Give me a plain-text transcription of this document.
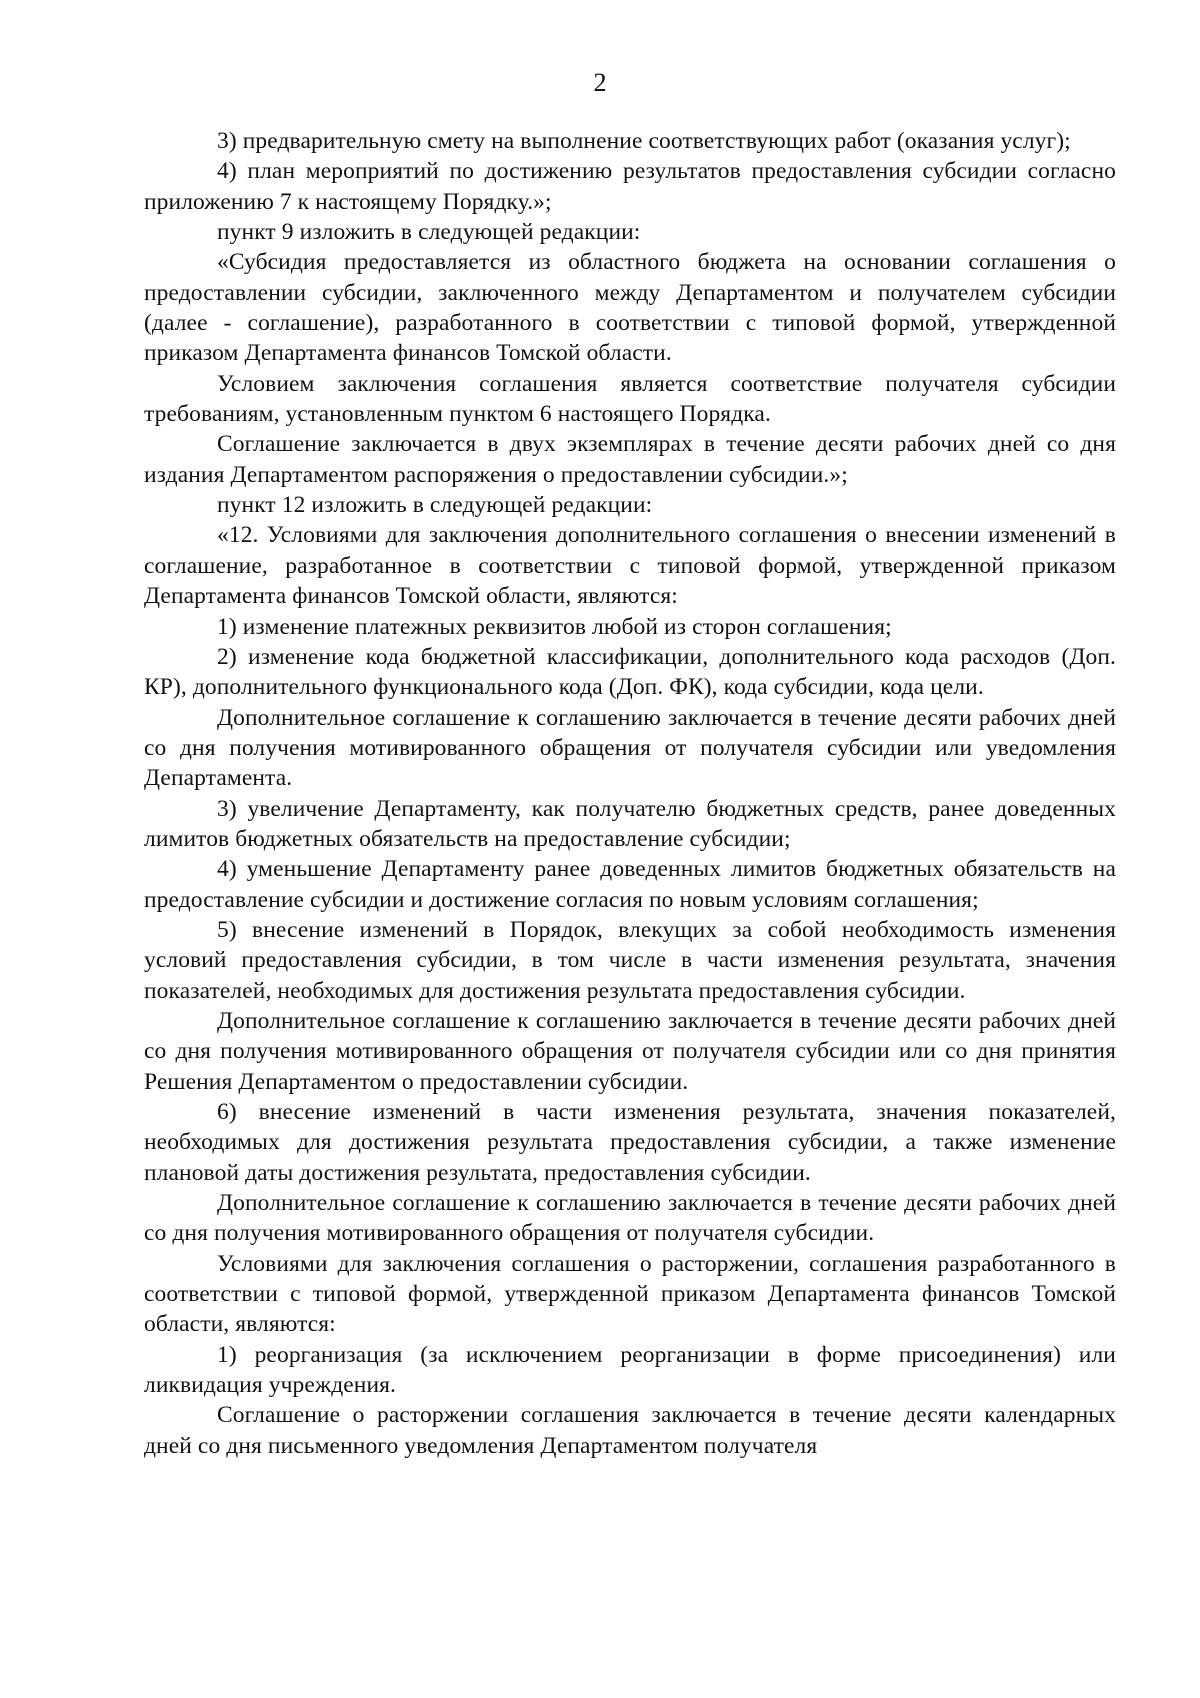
2

3) предварительную смету на выполнение соответствующих работ (оказания услуг);

4) план мероприятий по достижению результатов предоставления субсидии согласно приложению 7 к настоящему Порядку.»;

пункт 9 изложить в следующей редакции:

«Субсидия предоставляется из областного бюджета на основании соглашения о предоставлении субсидии, заключенного между Департаментом и получателем субсидии (далее - соглашение), разработанного в соответствии с типовой формой, утвержденной приказом Департамента финансов Томской области.

Условием заключения соглашения является соответствие получателя субсидии требованиям, установленным пунктом 6 настоящего Порядка.

Соглашение заключается в двух экземплярах в течение десяти рабочих дней со дня издания Департаментом распоряжения о предоставлении субсидии.»;

пункт 12 изложить в следующей редакции:

«12. Условиями для заключения дополнительного соглашения о внесении изменений в соглашение, разработанное в соответствии с типовой формой, утвержденной приказом Департамента финансов Томской области, являются:

1) изменение платежных реквизитов любой из сторон соглашения;

2) изменение кода бюджетной классификации, дополнительного кода расходов (Доп. КР), дополнительного функционального кода (Доп. ФК), кода субсидии, кода цели.

Дополнительное соглашение к соглашению заключается в течение десяти рабочих дней со дня получения мотивированного обращения от получателя субсидии или уведомления Департамента.

3) увеличение Департаменту, как получателю бюджетных средств, ранее доведенных лимитов бюджетных обязательств на предоставление субсидии;

4) уменьшение Департаменту ранее доведенных лимитов бюджетных обязательств на предоставление субсидии и достижение согласия по новым условиям соглашения;

5) внесение изменений в Порядок, влекущих за собой необходимость изменения условий предоставления субсидии, в том числе в части изменения результата, значения показателей, необходимых для достижения результата предоставления субсидии.

Дополнительное соглашение к соглашению заключается в течение десяти рабочих дней со дня получения мотивированного обращения от получателя субсидии или со дня принятия Решения Департаментом о предоставлении субсидии.

6) внесение изменений в части изменения результата, значения показателей, необходимых для достижения результата предоставления субсидии, а также изменение плановой даты достижения результата, предоставления субсидии.

Дополнительное соглашение к соглашению заключается в течение десяти рабочих дней со дня получения мотивированного обращения от получателя субсидии.

Условиями для заключения соглашения о расторжении, соглашения разработанного в соответствии с типовой формой, утвержденной приказом Департамента финансов Томской области, являются:

1) реорганизация (за исключением реорганизации в форме присоединения) или ликвидация учреждения.

Соглашение о расторжении соглашения заключается в течение десяти календарных дней со дня письменного уведомления Департаментом получателя
